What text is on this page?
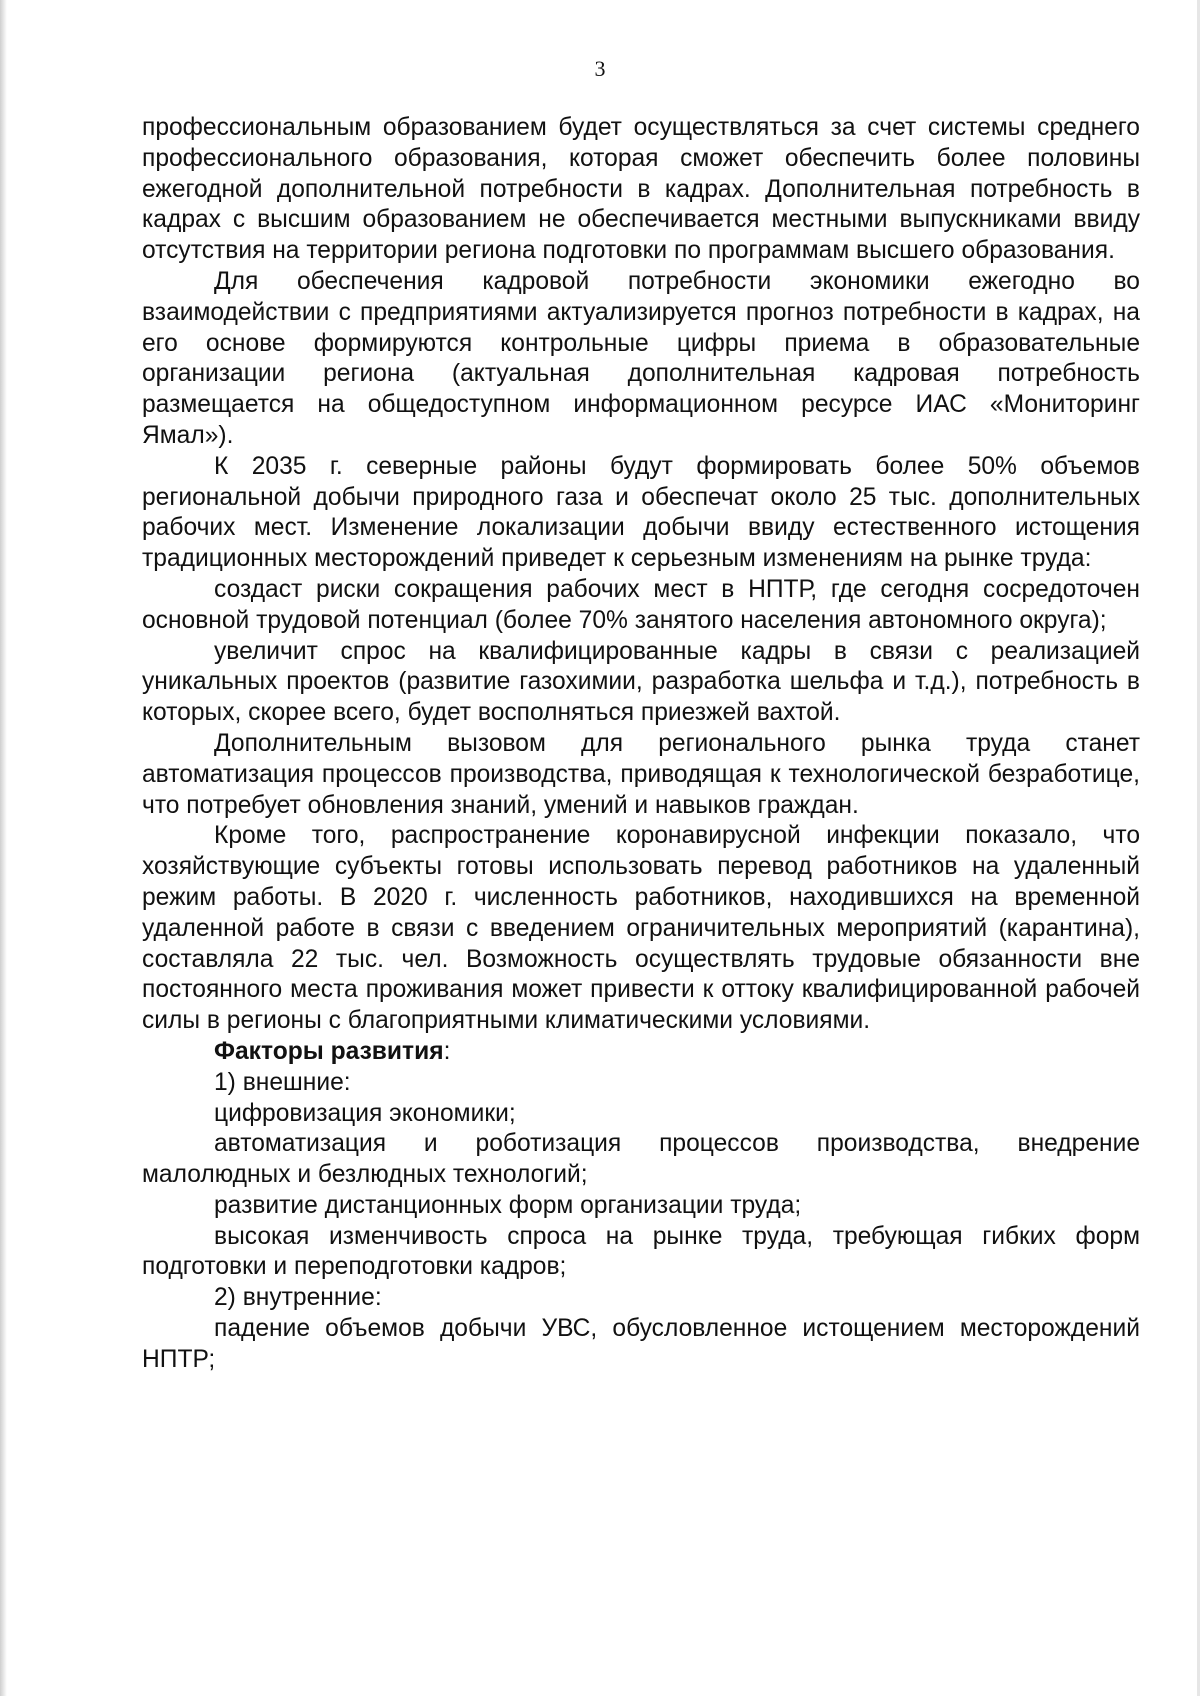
3

профессиональным образованием будет осуществляться за счет системы среднего профессионального образования, которая сможет обеспечить более половины ежегодной дополнительной потребности в кадрах. Дополнительная потребность в кадрах с высшим образованием не обеспечивается местными выпускниками ввиду отсутствия на территории региона подготовки по программам высшего образования.

Для обеспечения кадровой потребности экономики ежегодно во взаимодействии с предприятиями актуализируется прогноз потребности в кадрах, на его основе формируются контрольные цифры приема в образовательные организации региона (актуальная дополнительная кадровая потребность размещается на общедоступном информационном ресурсе ИАС «Мониторинг Ямал»).

К 2035 г. северные районы будут формировать более 50% объемов региональной добычи природного газа и обеспечат около 25 тыс. дополнительных рабочих мест. Изменение локализации добычи ввиду естественного истощения традиционных месторождений приведет к серьезным изменениям на рынке труда:

создаст риски сокращения рабочих мест в НПТР, где сегодня сосредоточен основной трудовой потенциал (более 70% занятого населения автономного округа);

увеличит спрос на квалифицированные кадры в связи с реализацией уникальных проектов (развитие газохимии, разработка шельфа и т.д.), потребность в которых, скорее всего, будет восполняться приезжей вахтой.

Дополнительным вызовом для регионального рынка труда станет автоматизация процессов производства, приводящая к технологической безработице, что потребует обновления знаний, умений и навыков граждан.

Кроме того, распространение коронавирусной инфекции показало, что хозяйствующие субъекты готовы использовать перевод работников на удаленный режим работы. В 2020 г. численность работников, находившихся на временной удаленной работе в связи с введением ограничительных мероприятий (карантина), составляла 22 тыс. чел. Возможность осуществлять трудовые обязанности вне постоянного места проживания может привести к оттоку квалифицированной рабочей силы в регионы с благоприятными климатическими условиями.

Факторы развития:

1) внешние:

цифровизация экономики;

автоматизация и роботизация процессов производства, внедрение малолюдных и безлюдных технологий;

развитие дистанционных форм организации труда;

высокая изменчивость спроса на рынке труда, требующая гибких форм подготовки и переподготовки кадров;

2) внутренние:

падение объемов добычи УВС, обусловленное истощением месторождений НПТР;
